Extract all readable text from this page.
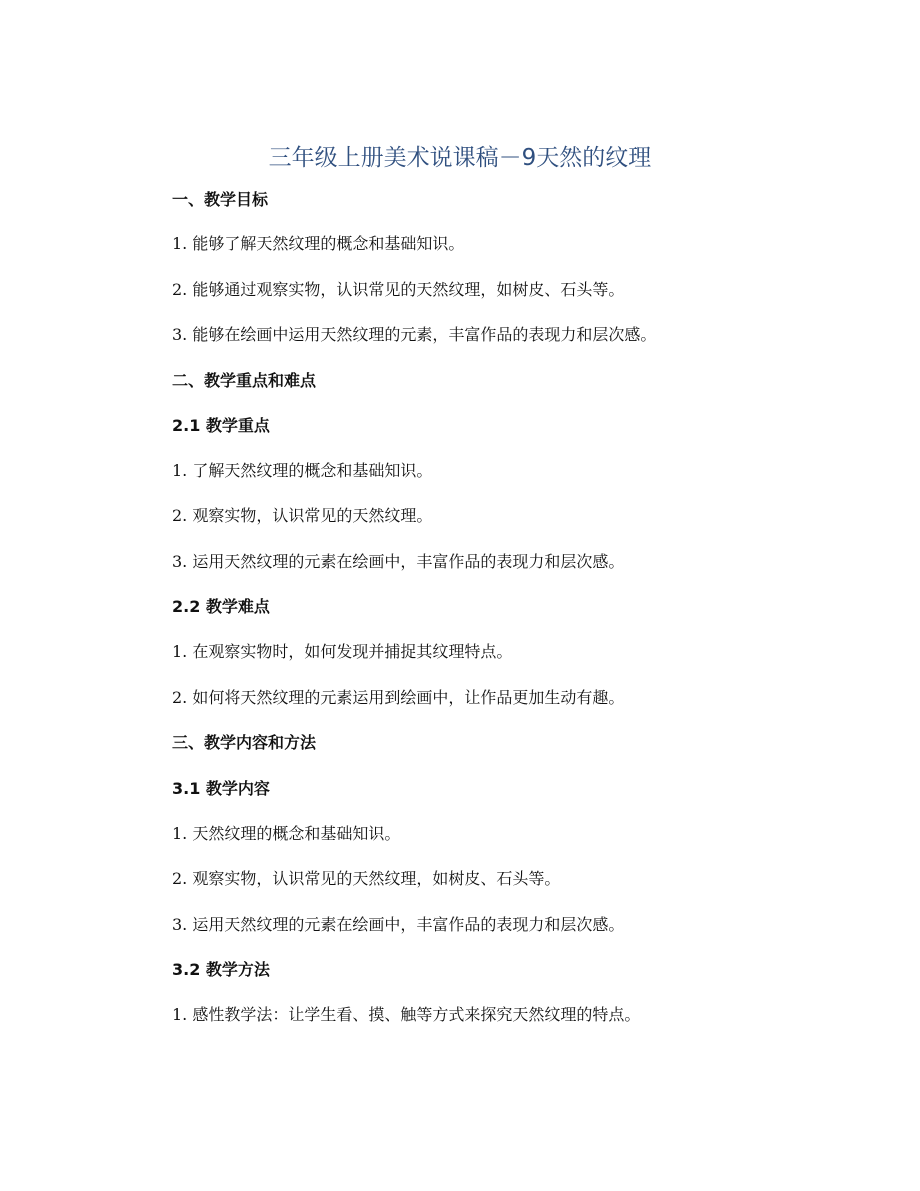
三年级上册美术说课稿－9天然的纹理
一、教学目标
1. 能够了解天然纹理的概念和基础知识。
2. 能够通过观察实物，认识常见的天然纹理，如树皮、石头等。
3. 能够在绘画中运用天然纹理的元素，丰富作品的表现力和层次感。
二、教学重点和难点
2.1 教学重点
1. 了解天然纹理的概念和基础知识。
2. 观察实物，认识常见的天然纹理。
3. 运用天然纹理的元素在绘画中，丰富作品的表现力和层次感。
2.2 教学难点
1. 在观察实物时，如何发现并捕捉其纹理特点。
2. 如何将天然纹理的元素运用到绘画中，让作品更加生动有趣。
三、教学内容和方法
3.1 教学内容
1. 天然纹理的概念和基础知识。
2. 观察实物，认识常见的天然纹理，如树皮、石头等。
3. 运用天然纹理的元素在绘画中，丰富作品的表现力和层次感。
3.2 教学方法
1. 感性教学法：让学生看、摸、触等方式来探究天然纹理的特点。
